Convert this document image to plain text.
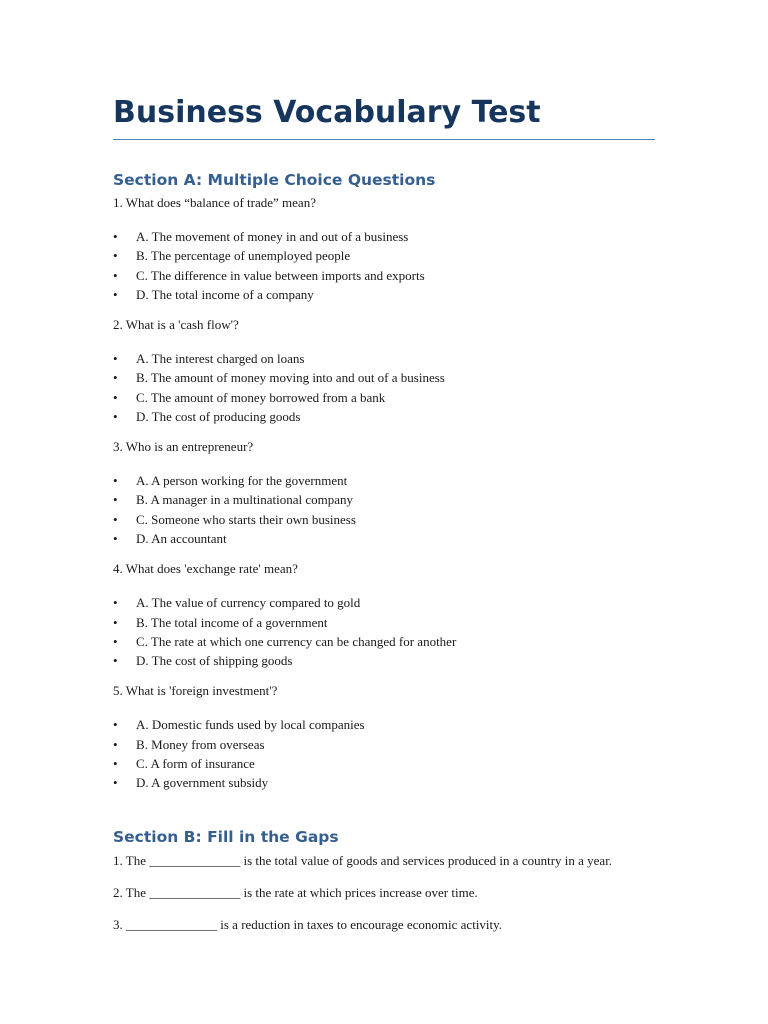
Business Vocabulary Test
Section A: Multiple Choice Questions

1. What does “balance of trade” mean?

• A. The movement of money in and out of a business
• B. The percentage of unemployed people
• C. The difference in value between imports and exports
• D. The total income of a company

2. What is a 'cash flow'?

• A. The interest charged on loans
• B. The amount of money moving into and out of a business
• C. The amount of money borrowed from a bank
• D. The cost of producing goods

3. Who is an entrepreneur?

• A. A person working for the government
• B. A manager in a multinational company
• C. Someone who starts their own business
• D. An accountant

4. What does 'exchange rate' mean?

• A. The value of currency compared to gold
• B. The total income of a government
• C. The rate at which one currency can be changed for another
• D. The cost of shipping goods

5. What is 'foreign investment'?

• A. Domestic funds used by local companies
• B. Money from overseas
• C. A form of insurance
• D. A government subsidy
Section B: Fill in the Gaps

1. The ______________ is the total value of goods and services produced in a country in a year.

2. The ______________ is the rate at which prices increase over time.

3. ______________ is a reduction in taxes to encourage economic activity.
